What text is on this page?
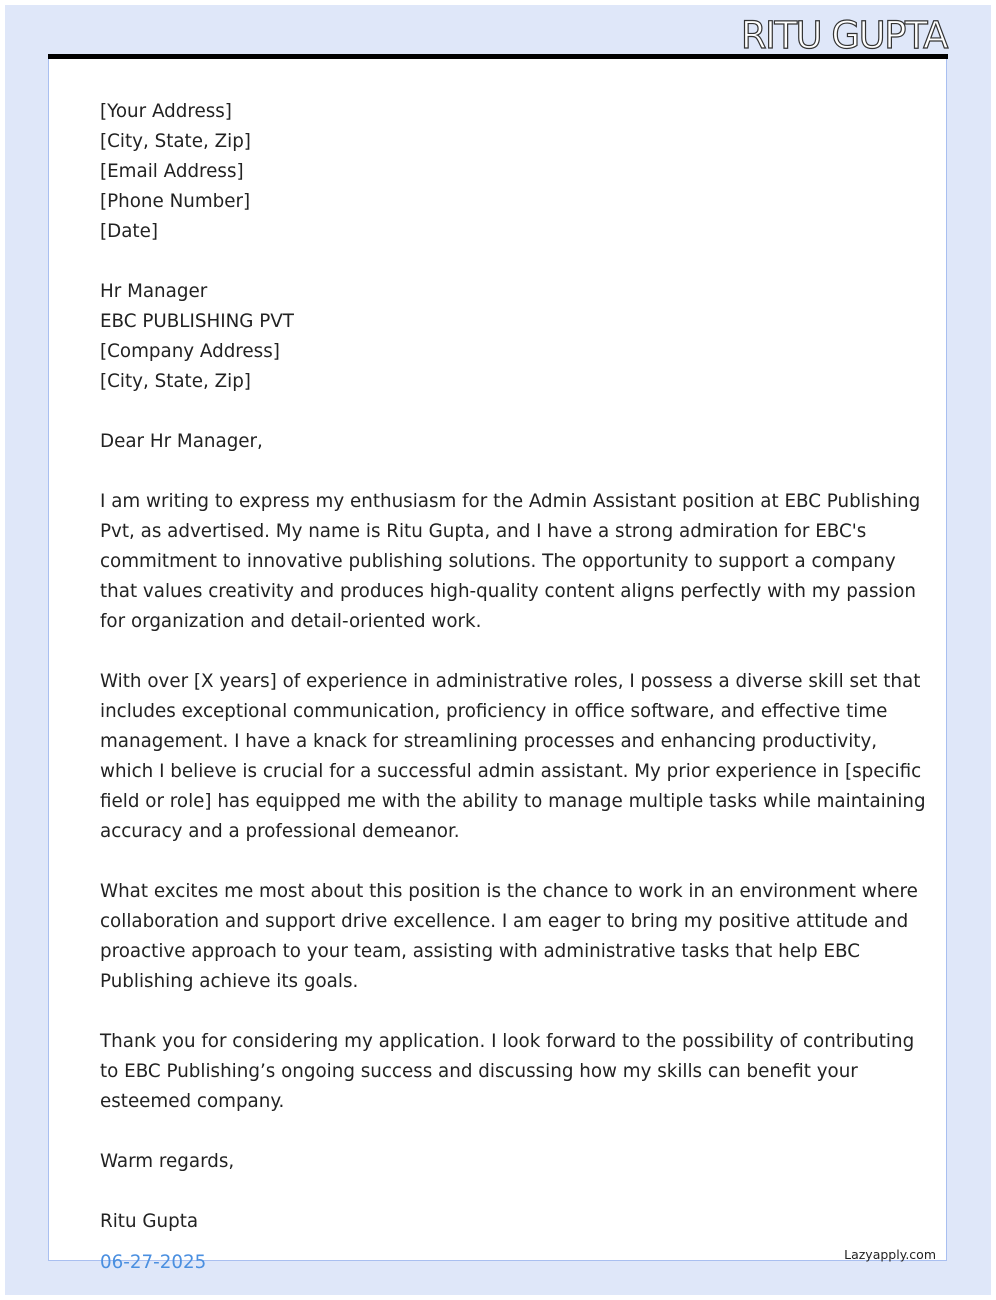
RITU GUPTA
[Your Address]
[City, State, Zip]
[Email Address]
[Phone Number]
[Date]
Hr Manager
EBC PUBLISHING PVT
[Company Address]
[City, State, Zip]
Dear Hr Manager,
I am writing to express my enthusiasm for the Admin Assistant position at EBC Publishing
Pvt, as advertised. My name is Ritu Gupta, and I have a strong admiration for EBC's
commitment to innovative publishing solutions. The opportunity to support a company
that values creativity and produces high-quality content aligns perfectly with my passion
for organization and detail-oriented work.
With over [X years] of experience in administrative roles, I possess a diverse skill set that
includes exceptional communication, proficiency in office software, and effective time
management. I have a knack for streamlining processes and enhancing productivity,
which I believe is crucial for a successful admin assistant. My prior experience in [specific
field or role] has equipped me with the ability to manage multiple tasks while maintaining
accuracy and a professional demeanor.
What excites me most about this position is the chance to work in an environment where
collaboration and support drive excellence. I am eager to bring my positive attitude and
proactive approach to your team, assisting with administrative tasks that help EBC
Publishing achieve its goals.
Thank you for considering my application. I look forward to the possibility of contributing
to EBC Publishing’s ongoing success and discussing how my skills can benefit your
esteemed company.
Warm regards,
Ritu Gupta
06-27-2025	Lazyapply.com
